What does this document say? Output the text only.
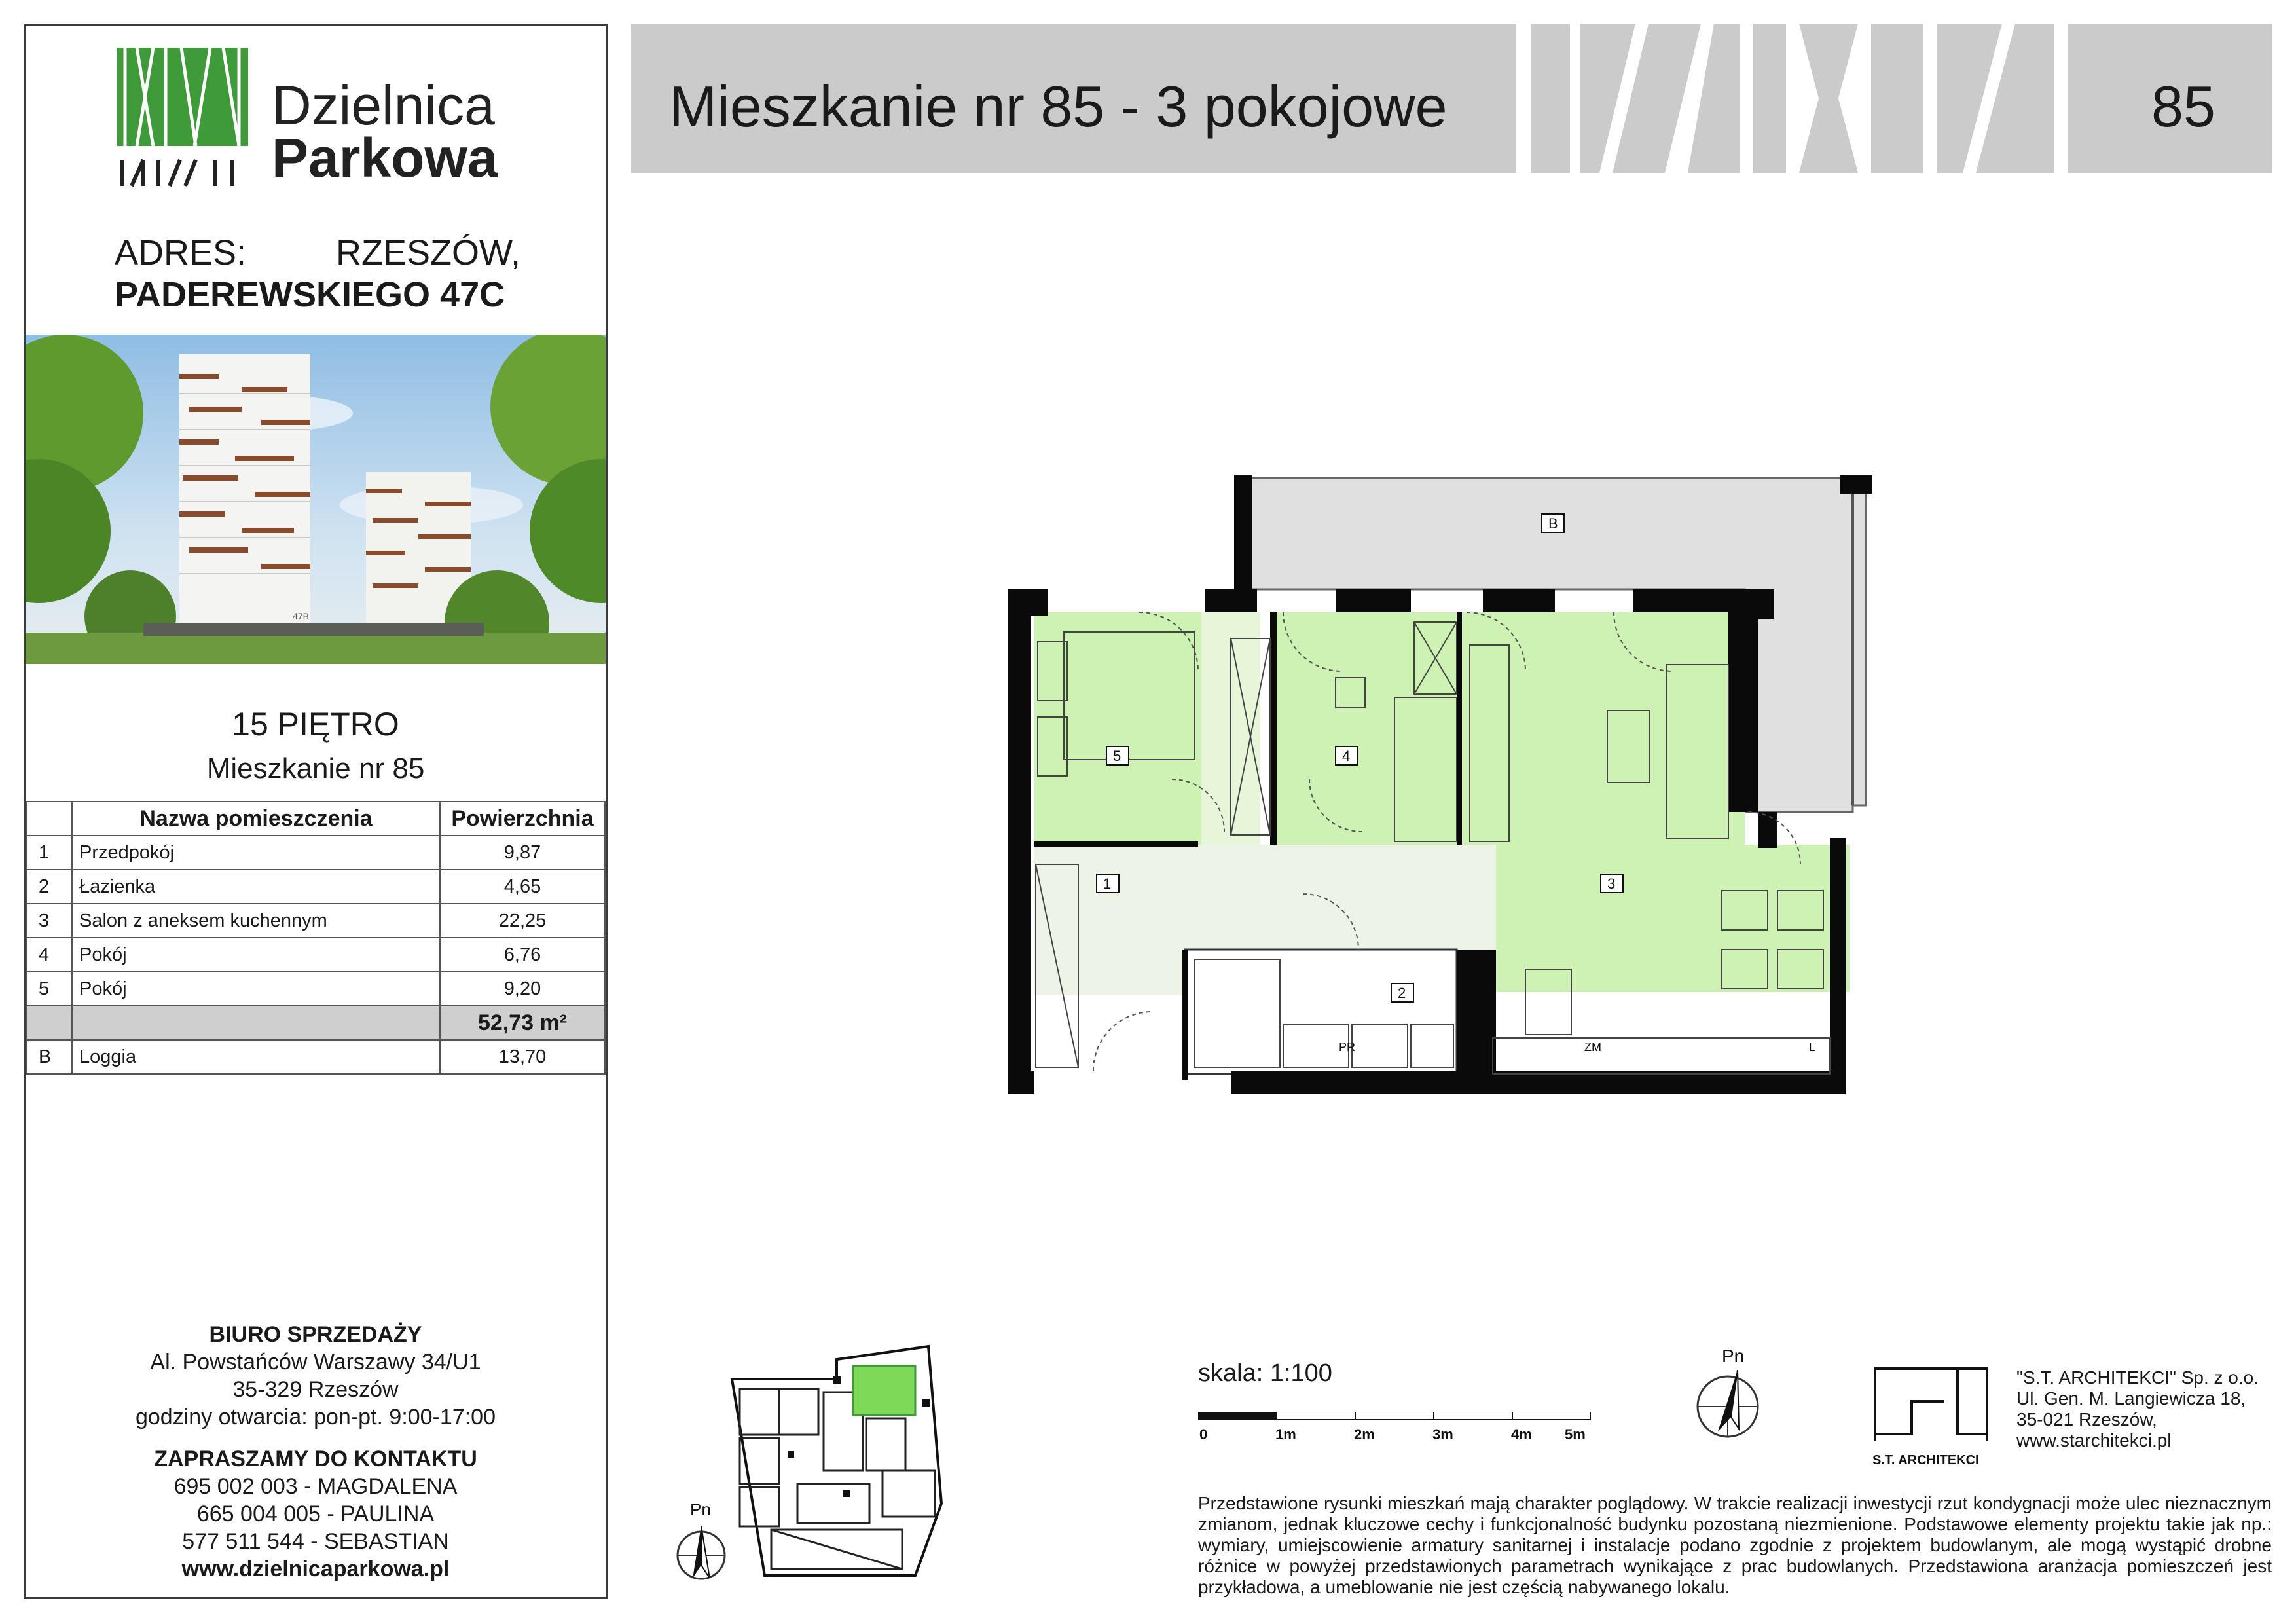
Dzielnica
Parkowa
ADRES:	RZESZÓW,
PADEREWSKIEGO 47C
47B
15 PIĘTRO
Mieszkanie nr 85
	Nazwa pomieszczenia	Powierzchnia
1	Przedpokój	9,87
2	Łazienka	4,65
3	Salon z aneksem kuchennym	22,25
4	Pokój	6,76
5	Pokój	9,20
		52,73 m²
B	Loggia	13,70
BIURO SPRZEDAŻY
Al. Powstańców Warszawy 34/U1
35-329 Rzeszów
godziny otwarcia: pon-pt. 9:00-17:00
ZAPRASZAMY DO KONTAKTU
695 002 003 - MAGDALENA
665 004 005 - PAULINA
577 511 544 - SEBASTIAN
www.dzielnicaparkowa.pl
Mieszkanie nr 85 - 3 pokojowe	85
B
1
2
3
4
5
PR	ZM	L
skala: 1:100
0	1m	2m	3m	4m 5m
Pn
S.T. ARCHITEKCI
"S.T. ARCHITEKCI" Sp. z o.o.
Ul. Gen. M. Langiewicza 18,
35-021 Rzeszów,
www.starchitekci.pl
Przedstawione rysunki mieszkań mają charakter poglądowy. W trakcie realizacji inwestycji rzut kondygnacji może ulec nieznacznym zmianom, jednak kluczowe cechy i funkcjonalność budynku pozostaną niezmienione. Podstawowe elementy projektu takie jak np.: wymiary, umiejscowienie armatury sanitarnej i instalacje podano zgodnie z projektem budowlanym, ale mogą wystąpić drobne różnice w powyżej przedstawionych parametrach wynikające z prac budowlanych. Przedstawiona aranżacja pomieszczeń jest przykładowa, a umeblowanie nie jest częścią nabywanego lokalu.
Pn
